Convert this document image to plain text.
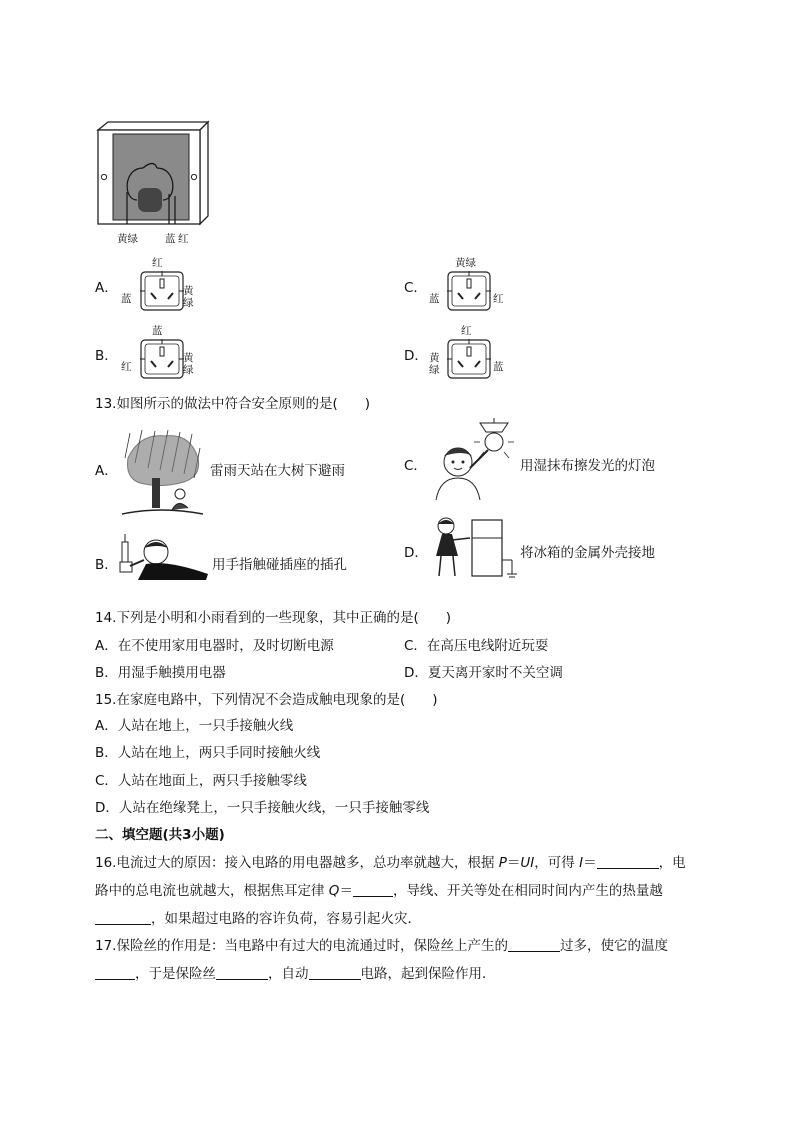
黄绿	蓝 红
A．
红
蓝
黄绿
C．
黄绿
蓝	红
B．
蓝
红
黄绿
D．
红
黄绿	蓝
13.如图所示的做法中符合安全原则的是(　　)
A．	雷雨天站在大树下避雨	C．	用湿抹布擦发光的灯泡
B．	用手指触碰插座的插孔
D．	将冰箱的金属外壳接地
14.下列是小明和小雨看到的一些现象，其中正确的是(　　)
A．在不使用家用电器时，及时切断电源	C．在高压电线附近玩耍
B．用湿手触摸用电器	D．夏天离开家时不关空调
15.在家庭电路中，下列情况不会造成触电现象的是(　　)
A．人站在地上，一只手接触火线
B．人站在地上，两只手同时接触火线
C．人站在地面上，两只手接触零线
D．人站在绝缘凳上，一只手接触火线，一只手接触零线
二、填空题(共3小题)
16.电流过大的原因：接入电路的用电器越多，总功率就越大，根据 P＝UI，可得 I＝	，电
路中的总电流也就越大，根据焦耳定律 Q＝	，导线、开关等处在相同时间内产生的热量越
，如果超过电路的容许负荷，容易引起火灾．
17.保险丝的作用是：当电路中有过大的电流通过时，保险丝上产生的	过多，使它的温度
，于是保险丝	，自动	电路，起到保险作用．
